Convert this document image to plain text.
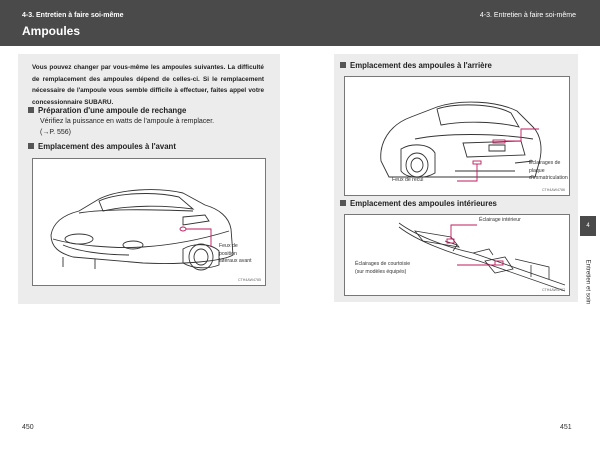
4-3. Entretien à faire soi-même	4-3. Entretien à faire soi-même
Ampoules
Vous pouvez changer par vous-même les ampoules suivantes. La difficulté de remplacement des ampoules dépend de celles-ci. Si le remplacement nécessaire de l'ampoule vous semble difficile à effectuer, faites appel votre concessionnaire SUBARU.
Préparation d'une ampoule de rechange
Vérifiez la puissance en watts de l'ampoule à remplacer.
(→P. 556)
Emplacement des ampoules à l'avant
Feux de
position
latéraux avant
CTH4AW4785
Emplacement des ampoules à l'arrière
Feux de recul
Éclairages de
plaque
d'immatriculation
CTH4AW4786
Emplacement des ampoules intérieures
Éclairage intérieur
Éclairages de courtoisie
(sur modèles équipés)
CTH4AW4787
4
Entretien et soin
450	451
